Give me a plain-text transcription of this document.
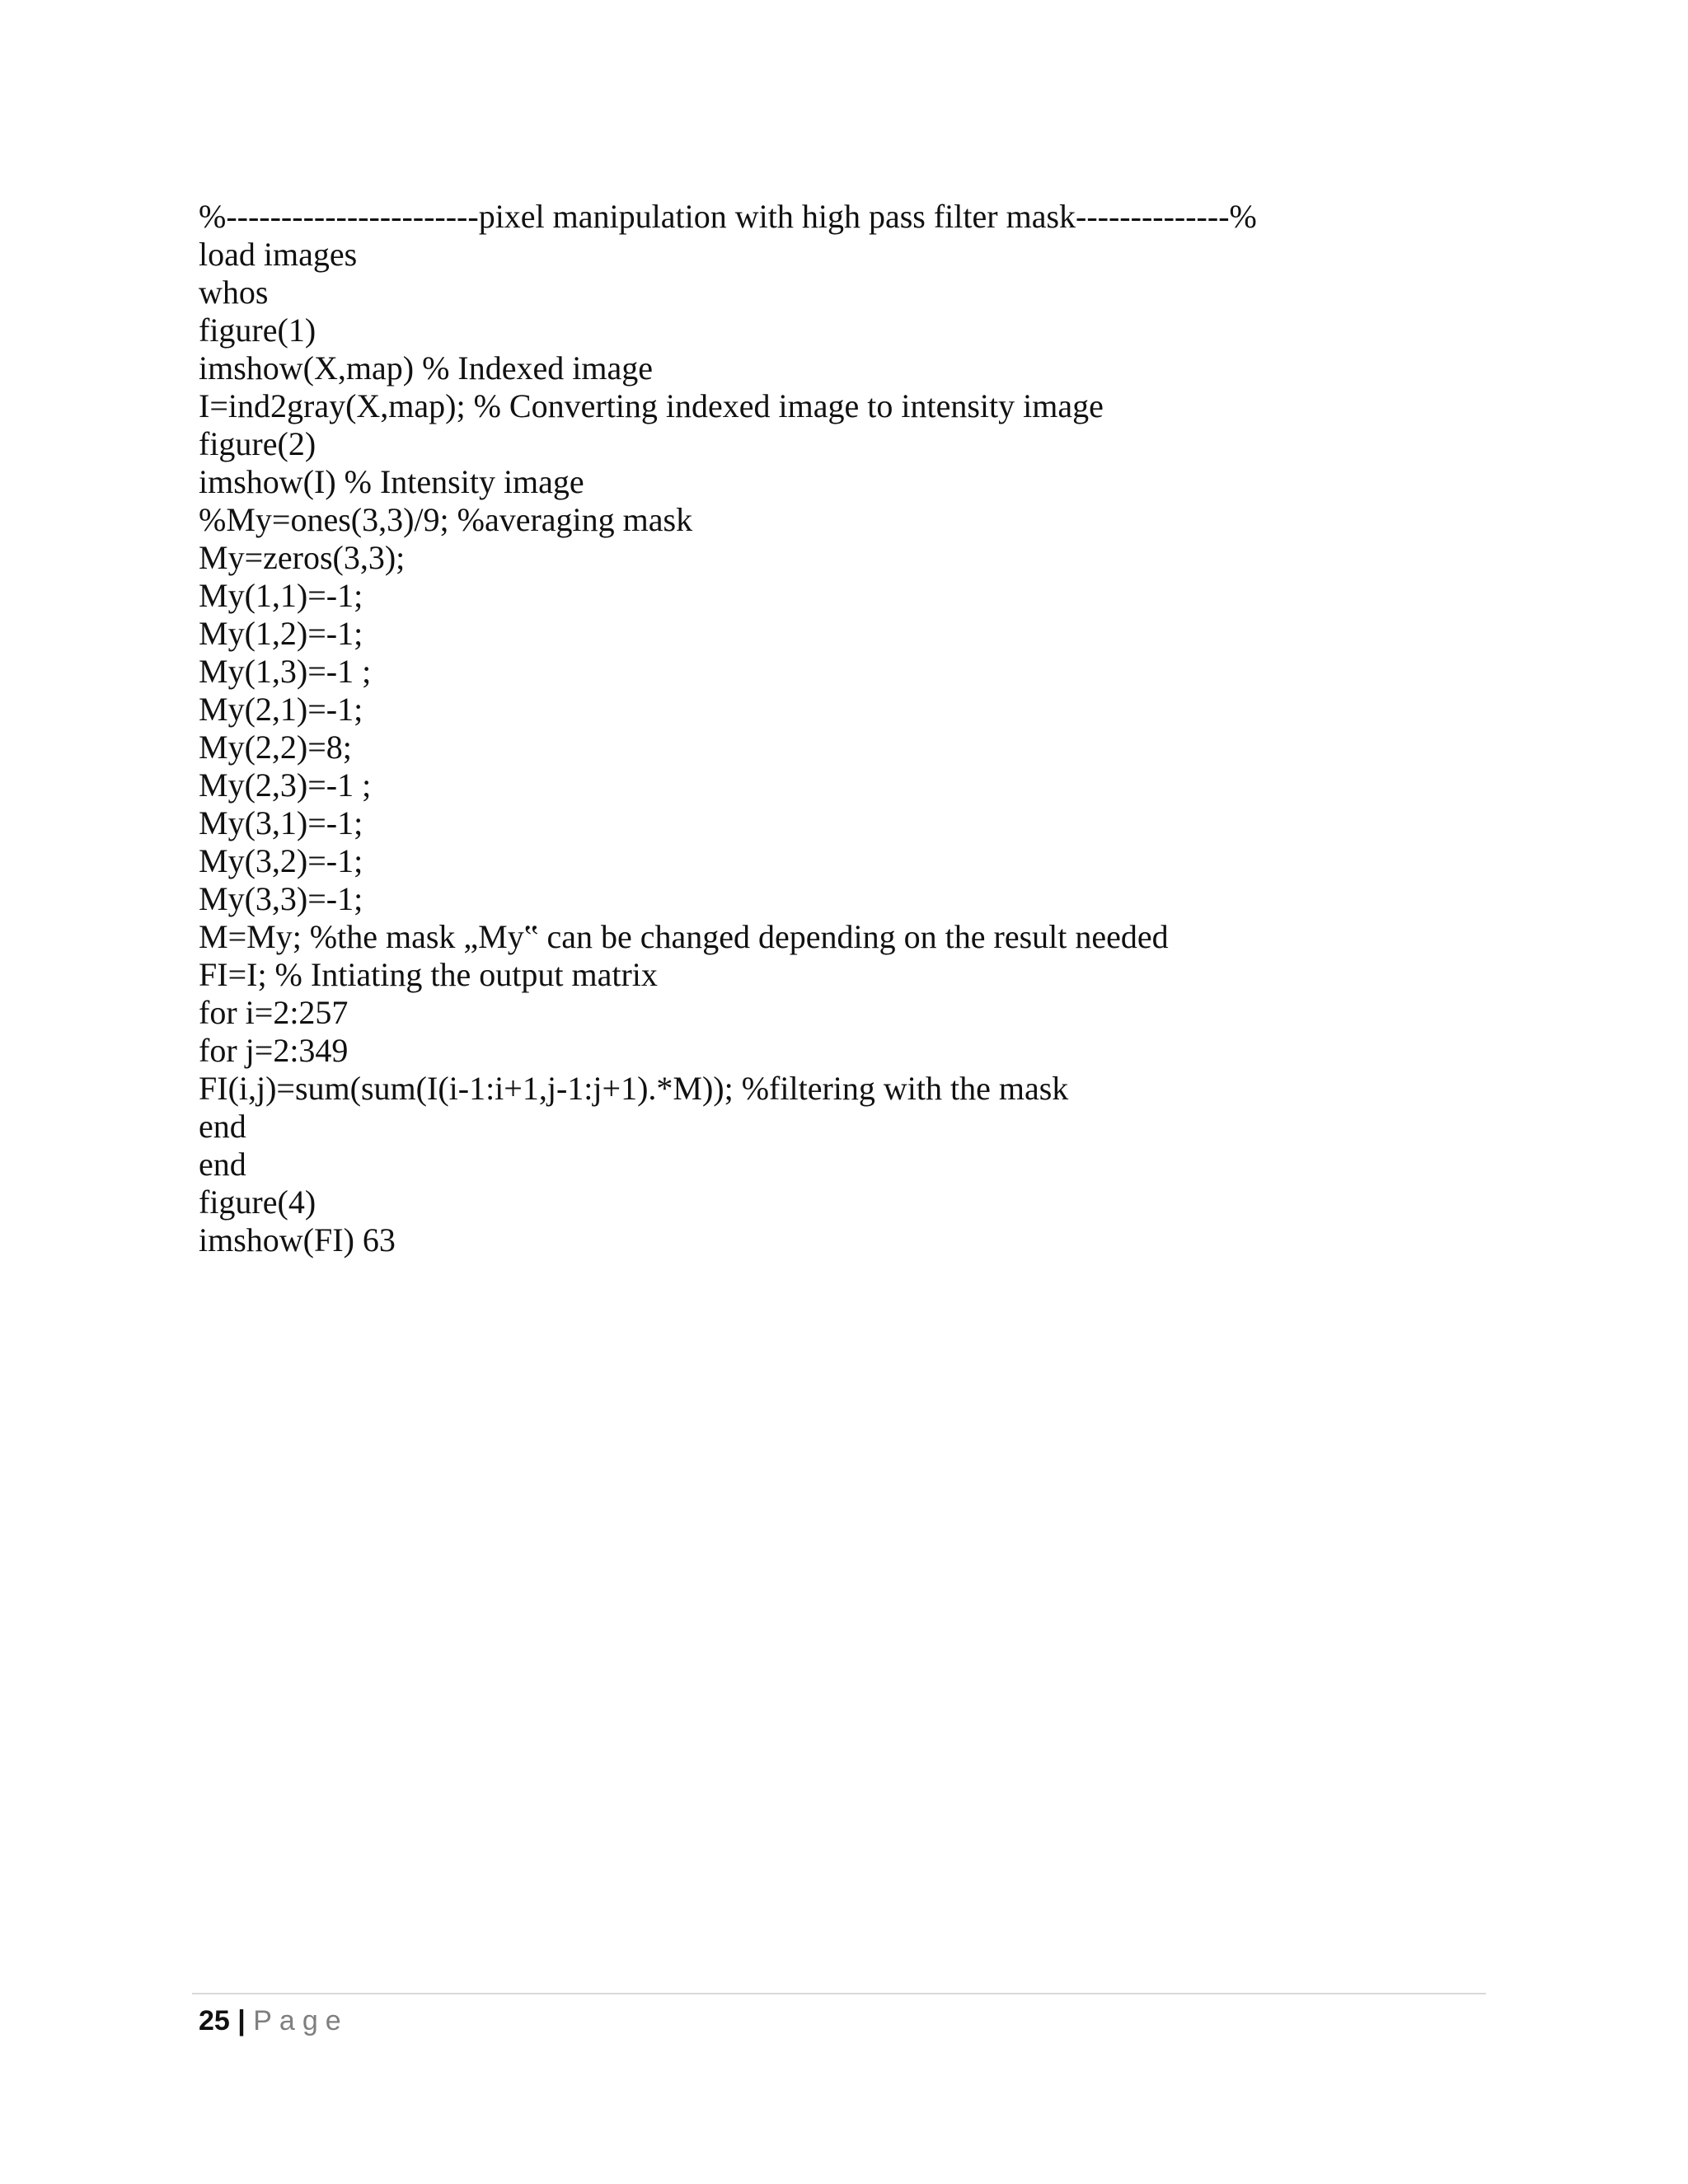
%-----------------------pixel manipulation with high pass filter mask--------------%
load images
whos
figure(1)
imshow(X,map) % Indexed image
I=ind2gray(X,map); % Converting indexed image to intensity image
figure(2)
imshow(I) % Intensity image
%My=ones(3,3)/9; %averaging mask
My=zeros(3,3);
My(1,1)=-1;
My(1,2)=-1;
My(1,3)=-1 ;
My(2,1)=-1;
My(2,2)=8;
My(2,3)=-1 ;
My(3,1)=-1;
My(3,2)=-1;
My(3,3)=-1;
M=My; %the mask „My‟ can be changed depending on the result needed
FI=I; % Intiating the output matrix
for i=2:257
for j=2:349
FI(i,j)=sum(sum(I(i-1:i+1,j-1:j+1).*M)); %filtering with the mask
end
end
figure(4)
imshow(FI) 63
25 | Page
